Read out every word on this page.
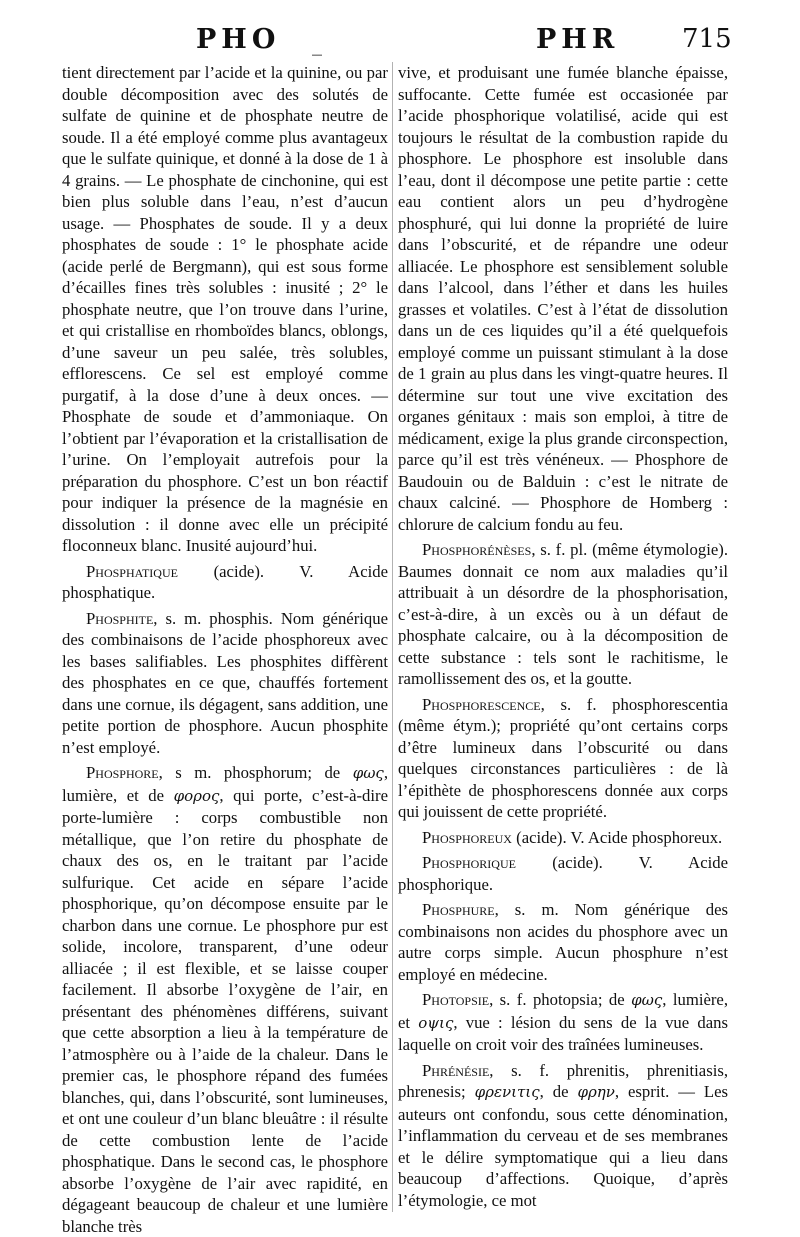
PHO _	PHR 715

tient directement par l’acide et la quinine, ou par double décomposition avec des solutés de sulfate de quinine et de phosphate neutre de soude. Il a été employé comme plus avantageux que le sulfate quinique, et donné à la dose de 1 à 4 grains. — Le phosphate de cinchonine, qui est bien plus soluble dans l’eau, n’est d’aucun usage. — Phosphates de soude. Il y a deux phosphates de soude : 1° le phosphate acide (acide perlé de Bergmann), qui est sous forme d’écailles fines très solubles : inusité ; 2° le phosphate neutre, que l’on trouve dans l’urine, et qui cristallise en rhomboïdes blancs, oblongs, d’une saveur un peu salée, très solubles, efflorescens. Ce sel est employé comme purgatif, à la dose d’une à deux onces. — Phosphate de soude et d’ammoniaque. On l’obtient par l’évaporation et la cristallisation de l’urine. On l’employait autrefois pour la préparation du phosphore. C’est un bon réactif pour indiquer la présence de la magnésie en dissolution : il donne avec elle un précipité floconneux blanc. Inusité aujourd’hui.

Phosphatique (acide). V. Acide phosphatique.

Phosphite, s. m. phosphis. Nom générique des combinaisons de l’acide phosphoreux avec les bases salifiables. Les phosphites diffèrent des phosphates en ce que, chauffés fortement dans une cornue, ils dégagent, sans addition, une petite portion de phosphore. Aucun phosphite n’est employé.

Phosphore, s m. phosphorum; de φως, lumière, et de φορος, qui porte, c’est-à-dire porte-lumière : corps combustible non métallique, que l’on retire du phosphate de chaux des os, en le traitant par l’acide sulfurique. Cet acide en sépare l’acide phosphorique, qu’on décompose ensuite par le charbon dans une cornue. Le phosphore pur est solide, incolore, transparent, d’une odeur alliacée ; il est flexible, et se laisse couper facilement. Il absorbe l’oxygène de l’air, en présentant des phénomènes différens, suivant que cette absorption a lieu à la température de l’atmosphère ou à l’aide de la chaleur. Dans le premier cas, le phosphore répand des fumées blanches, qui, dans l’obscurité, sont lumineuses, et ont une couleur d’un blanc bleuâtre : il résulte de cette combustion lente de l’acide phosphatique. Dans le second cas, le phosphore absorbe l’oxygène de l’air avec rapidité, en dégageant beaucoup de chaleur et une lumière blanche très

vive, et produisant une fumée blanche épaisse, suffocante. Cette fumée est occasionée par l’acide phosphorique volatilisé, acide qui est toujours le résultat de la combustion rapide du phosphore. Le phosphore est insoluble dans l’eau, dont il décompose une petite partie : cette eau contient alors un peu d’hydrogène phosphuré, qui lui donne la propriété de luire dans l’obscurité, et de répandre une odeur alliacée. Le phosphore est sensiblement soluble dans l’alcool, dans l’éther et dans les huiles grasses et volatiles. C’est à l’état de dissolution dans un de ces liquides qu’il a été quelquefois employé comme un puissant stimulant à la dose de 1 grain au plus dans les vingt-quatre heures. Il détermine sur tout une vive excitation des organes génitaux : mais son emploi, à titre de médicament, exige la plus grande circonspection, parce qu’il est très vénéneux. — Phosphore de Baudouin ou de Balduin : c’est le nitrate de chaux calciné. — Phosphore de Homberg : chlorure de calcium fondu au feu.

Phosphorénèses, s. f. pl. (même étymologie). Baumes donnait ce nom aux maladies qu’il attribuait à un désordre de la phosphorisation, c’est-à-dire, à un excès ou à un défaut de phosphate calcaire, ou à la décomposition de cette substance : tels sont le rachitisme, le ramollissement des os, et la goutte.

Phosphorescence, s. f. phosphorescentia (même étym.); propriété qu’ont certains corps d’être lumineux dans l’obscurité ou dans quelques circonstances particulières : de là l’épithète de phosphorescens donnée aux corps qui jouissent de cette propriété.

Phosphoreux (acide). V. Acide phosphoreux.

Phosphorique (acide). V. Acide phosphorique.

Phosphure, s. m. Nom générique des combinaisons non acides du phosphore avec un autre corps simple. Aucun phosphure n’est employé en médecine.

Photopsie, s. f. photopsia; de φως, lumière, et οψις, vue : lésion du sens de la vue dans laquelle on croit voir des traînées lumineuses.

Phrénésie, s. f. phrenitis, phrenitiasis, phrenesis; φρενιτις, de φρην, esprit. — Les auteurs ont confondu, sous cette dénomination, l’inflammation du cerveau et de ses membranes et le délire symptomatique qui a lieu dans beaucoup d’affections. Quoique, d’après l’étymologie, ce mot
